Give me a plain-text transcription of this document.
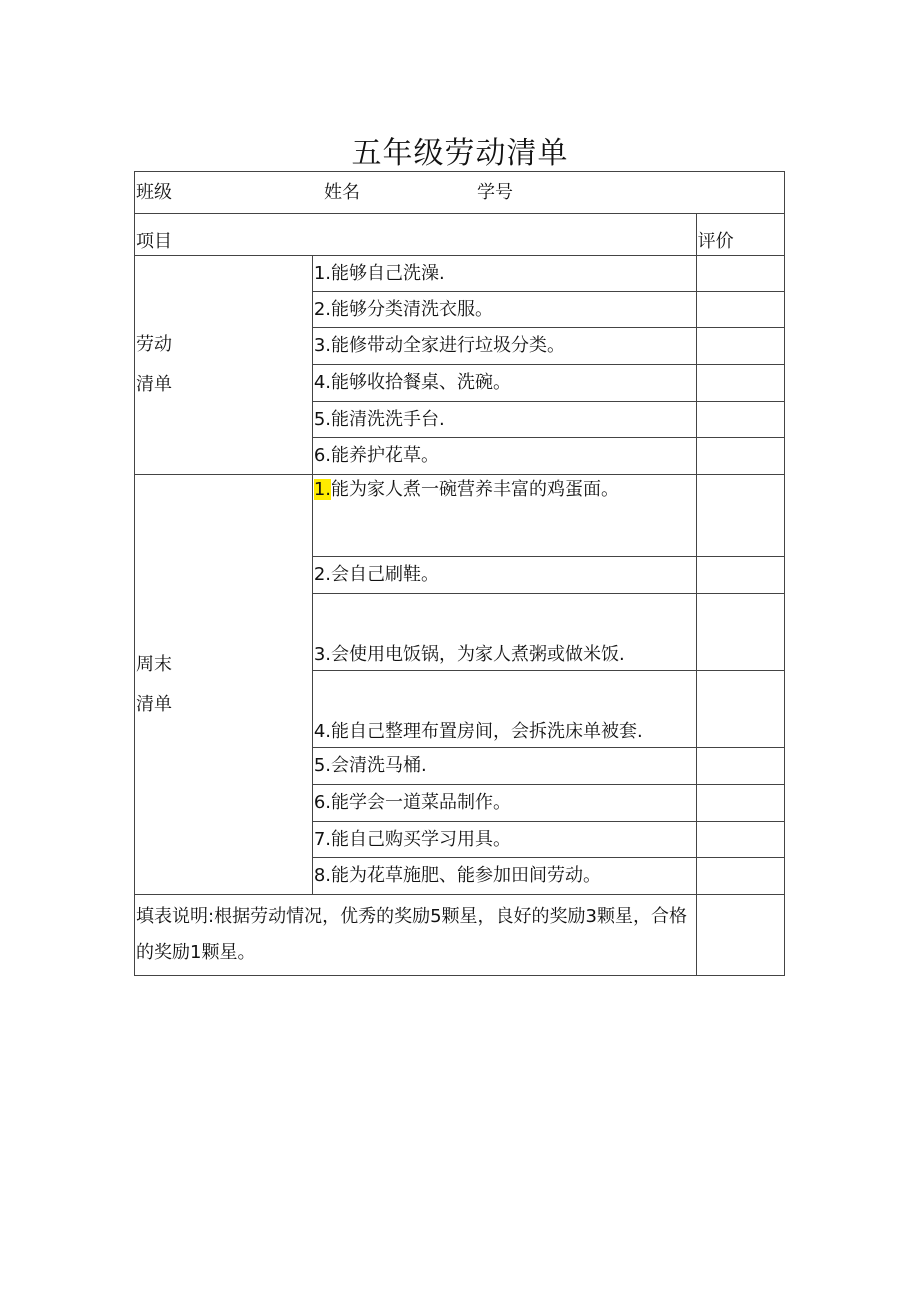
五年级劳动清单
班级 姓名 学号		

项目		评价

劳动
清单	1.能够自己洗澡.	
	2.能够分类清洗衣服。	
	3.能修带动全家进行垃圾分类。	
	4.能够收拾餐桌、洗碗。	
	5.能清洗洗手台.	
	6.能养护花草。	

周末
清单	1.能为家人煮一碗营养丰富的鸡蛋面。	
	2.会自己刷鞋。	
	3.会使用电饭锅，为家人煮粥或做米饭.	
	4.能自己整理布置房间，会拆洗床单被套.	
	5.会清洗马桶.	
	6.能学会一道菜品制作。	
	7.能自己购买学习用具。	
	8.能为花草施肥、能参加田间劳动。	
填表说明:根据劳动情况，优秀的奖励5颗星，良好的奖励3颗星，合格的奖励1颗星。		
